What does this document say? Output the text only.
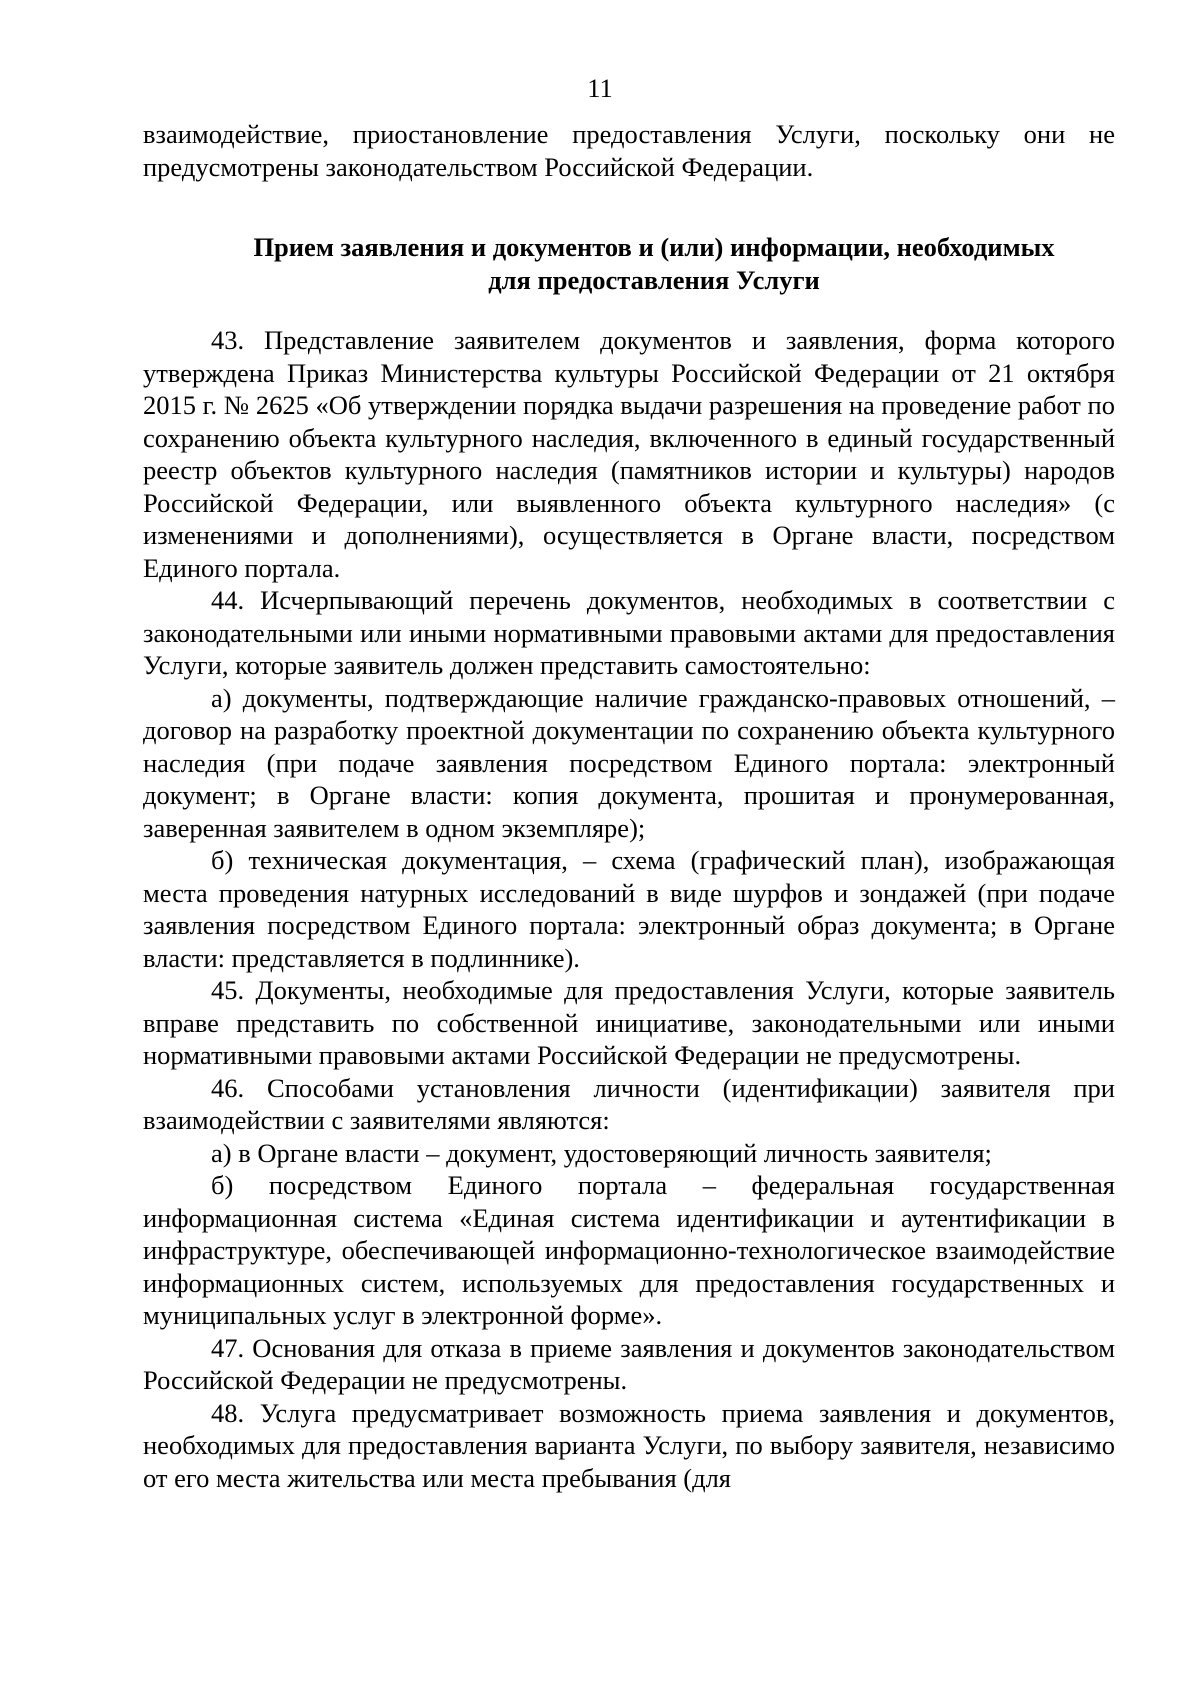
11

взаимодействие, приостановление предоставления Услуги, поскольку они не предусмотрены законодательством Российской Федерации.

Прием заявления и документов и (или) информации, необходимых
для предоставления Услуги

43. Представление заявителем документов и заявления, форма которого утверждена Приказ Министерства культуры Российской Федерации от 21 октября 2015 г. № 2625 «Об утверждении порядка выдачи разрешения на проведение работ по сохранению объекта культурного наследия, включенного в единый государственный реестр объектов культурного наследия (памятников истории и культуры) народов Российской Федерации, или выявленного объекта культурного наследия» (с изменениями и дополнениями), осуществляется в Органе власти, посредством Единого портала.

44. Исчерпывающий перечень документов, необходимых в соответствии с законодательными или иными нормативными правовыми актами для предоставления Услуги, которые заявитель должен представить самостоятельно:

а) документы, подтверждающие наличие гражданско-правовых отношений, – договор на разработку проектной документации по сохранению объекта культурного наследия (при подаче заявления посредством Единого портала: электронный документ; в Органе власти: копия документа, прошитая и пронумерованная, заверенная заявителем в одном экземпляре);

б) техническая документация, – схема (графический план), изображающая места проведения натурных исследований в виде шурфов и зондажей (при подаче заявления посредством Единого портала: электронный образ документа; в Органе власти: представляется в подлиннике).

45. Документы, необходимые для предоставления Услуги, которые заявитель вправе представить по собственной инициативе, законодательными или иными нормативными правовыми актами Российской Федерации не предусмотрены.

46. Способами установления личности (идентификации) заявителя при взаимодействии с заявителями являются:

а) в Органе власти – документ, удостоверяющий личность заявителя;

б) посредством Единого портала – федеральная государственная информационная система «Единая система идентификации и аутентификации в инфраструктуре, обеспечивающей информационно-технологическое взаимодействие информационных систем, используемых для предоставления государственных и муниципальных услуг в электронной форме».

47. Основания для отказа в приеме заявления и документов законодательством Российской Федерации не предусмотрены.

48. Услуга предусматривает возможность приема заявления и документов, необходимых для предоставления варианта Услуги, по выбору заявителя, независимо от его места жительства или места пребывания (для
